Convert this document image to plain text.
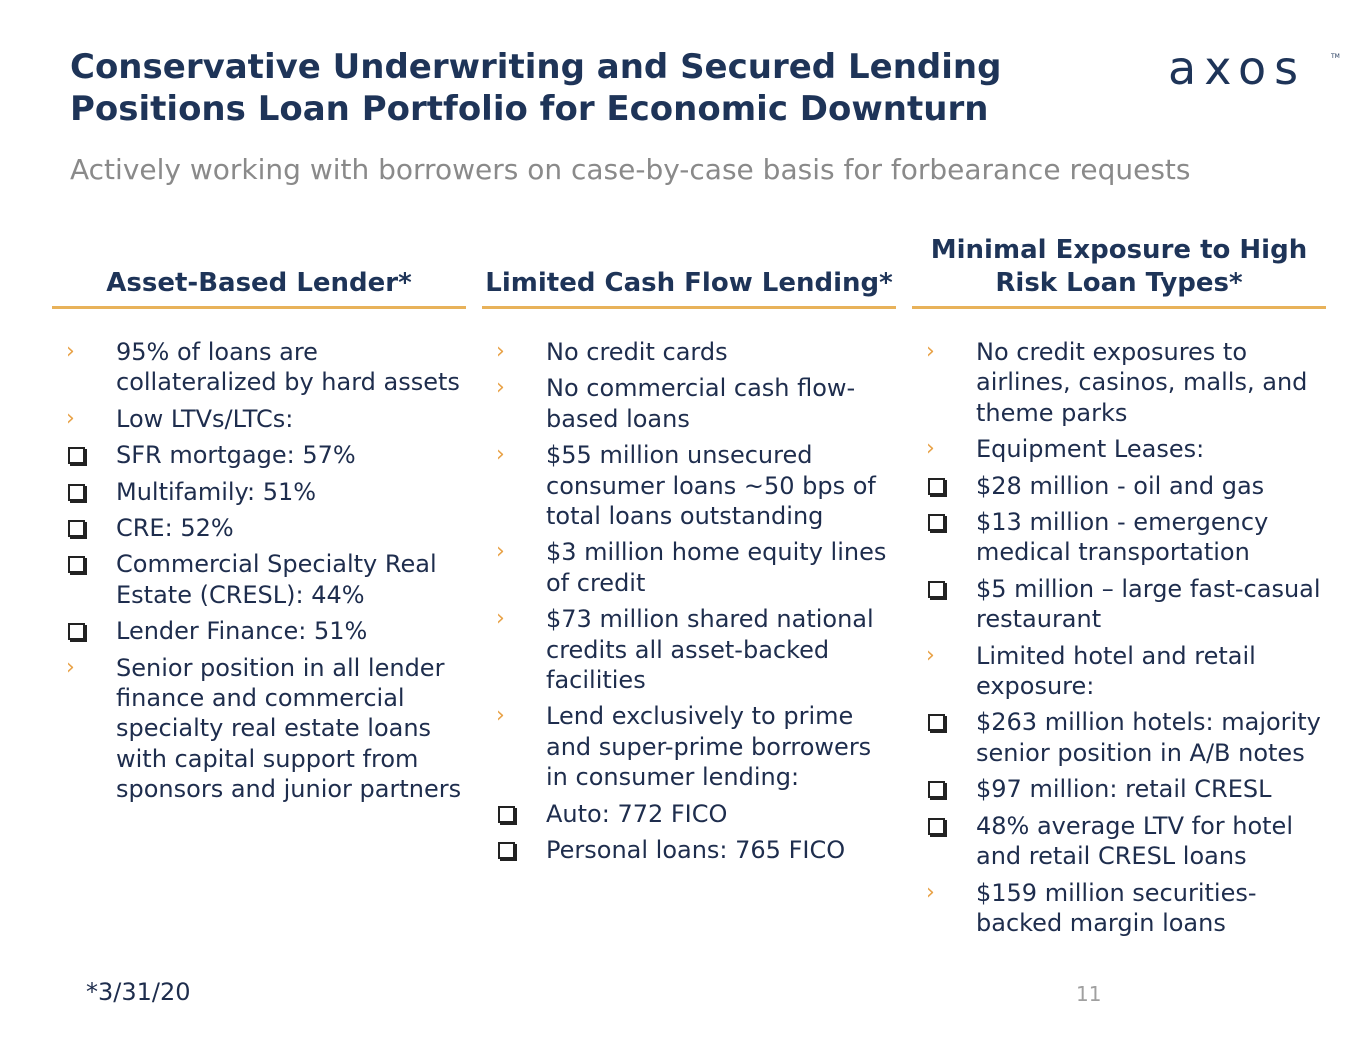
Conservative Underwriting and Secured Lending Positions Loan Portfolio for Economic Downturn
Actively working with borrowers on case-by-case basis for forbearance requests
axos	TM
Asset-Based Lender*
› 95% of loans are collateralized by hard assets
› Low LTVs/LTCs:
SFR mortgage: 57%
Multifamily: 51%
CRE: 52%
Commercial Specialty Real Estate (CRESL): 44%
Lender Finance: 51%
› Senior position in all lender finance and commercial specialty real estate loans with capital support from sponsors and junior partners
Limited Cash Flow Lending*
› No credit cards
› No commercial cash flow-based loans
› $55 million unsecured consumer loans ~50 bps of total loans outstanding
› $3 million home equity lines of credit
› $73 million shared national credits all asset-backed facilities
› Lend exclusively to prime and super-prime borrowers in consumer lending:
Auto: 772 FICO
Personal loans: 765 FICO
Minimal Exposure to High Risk Loan Types*
› No credit exposures to airlines, casinos, malls, and theme parks
› Equipment Leases:
$28 million - oil and gas
$13 million - emergency medical transportation
$5 million – large fast-casual restaurant
› Limited hotel and retail exposure:
$263 million hotels: majority senior position in A/B notes
$97 million: retail CRESL
48% average LTV for hotel and retail CRESL loans
› $159 million securities-backed margin loans
*3/31/20	11
